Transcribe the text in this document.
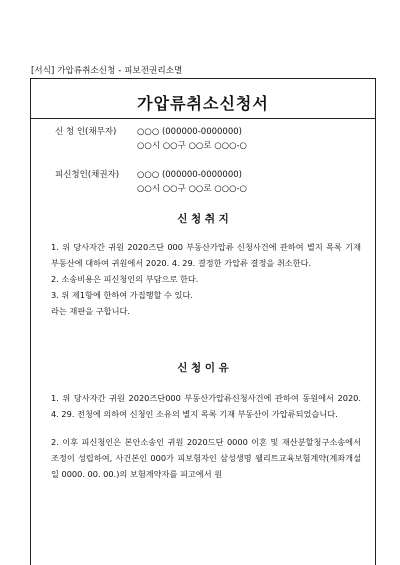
[서식] 가압류취소신청 - 피보전권리소멸
가압류취소신청서
신 청 인(채무자) ○○○ (000000-0000000)
○○시 ○○구 ○○로 ○○○-○
피신청인(채권자) ○○○ (000000-0000000)
○○시 ○○구 ○○로 ○○○-○
신 청 취 지

1. 위 당사자간 귀원 2020즈단 000 부동산가압류 신청사건에 관하여 별지 목록 기재 부동산에 대하여 귀원에서 2020. 4. 29. 결정한 가압류 결정을 취소한다.

2. 소송비용은 피신청인의 부담으로 한다.

3. 위 제1항에 한하여 가집행할 수 있다.

라는 재판을 구합니다.

신 청 이 유

1. 위 당사자간 귀원 2020즈단000 부동산가압류신청사건에 관하여 동원에서 2020. 4. 29. 전청에 의하여 신청인 소유의 별지 목록 기재 부동산이 가압류되었습니다.

2. 이후 피신청인은 본안소송인 귀원 2020드단 0000 이혼 및 재산분할청구소송에서 조정이 성립하여, 사건본인 000가 피보험자인 삼성생명 웰리트교육보험계약(계좌개설일 0000. 00. 00.)의 보험계약자를 피고에서 원
